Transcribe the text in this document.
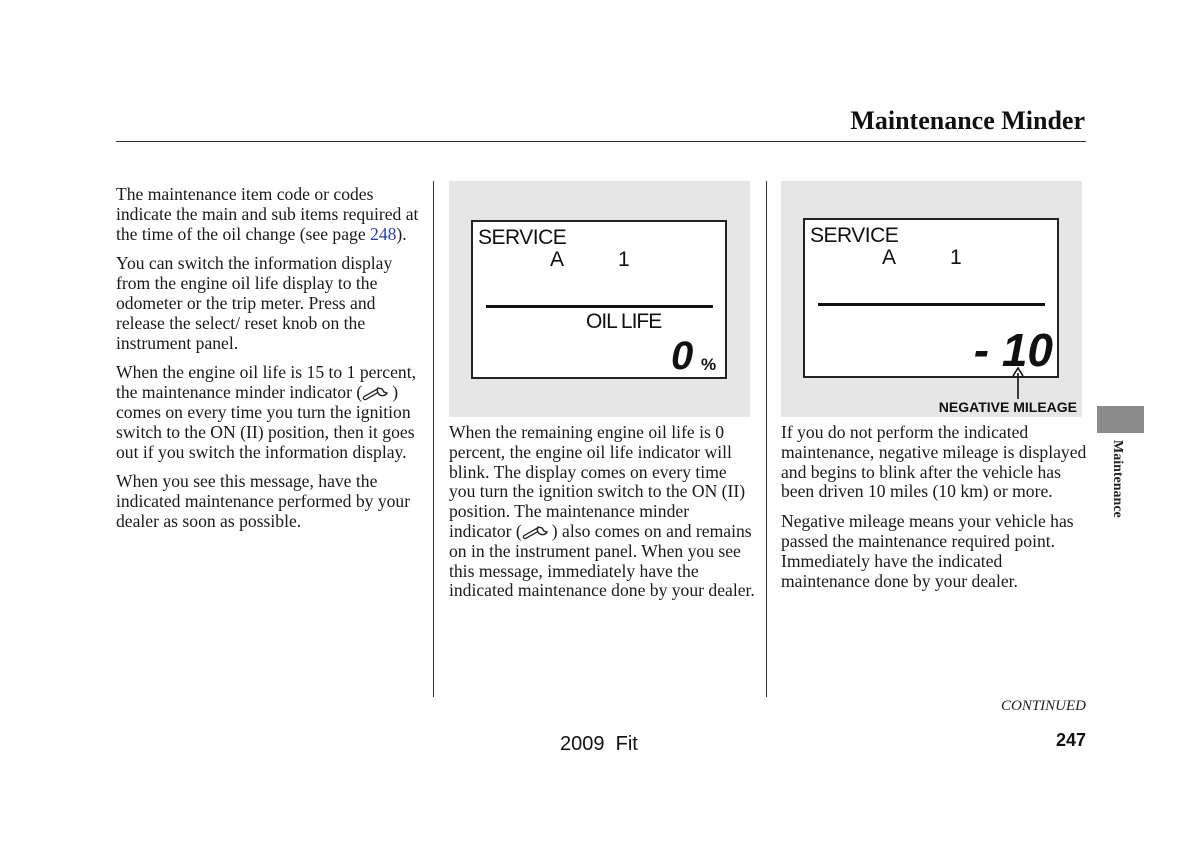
Maintenance Minder

The maintenance item code or codes indicate the main and sub items required at the time of the oil change (see page 248).

You can switch the information display from the engine oil life display to the odometer or the trip meter. Press and release the select/ reset knob on the instrument panel.

When the engine oil life is 15 to 1 percent, the maintenance minder indicator ( ) comes on every time you turn the ignition switch to the ON (II) position, then it goes out if you switch the information display.

When you see this message, have the indicated maintenance performed by your dealer as soon as possible.

SERVICE
A	1
OIL LIFE
0 %
SERVICE
A	1
- 10
NEGATIVE MILEAGE

When the remaining engine oil life is 0 percent, the engine oil life indicator will blink. The display comes on every time you turn the ignition switch to the ON (II) position. The maintenance minder indicator ( ) also comes on and remains on in the instrument panel. When you see this message, immediately have the indicated maintenance done by your dealer.

If you do not perform the indicated maintenance, negative mileage is displayed and begins to blink after the vehicle has been driven 10 miles (10 km) or more.

Negative mileage means your vehicle has passed the maintenance required point.

Immediately have the indicated maintenance done by your dealer.

Maintenance
CONTINUED
247
2009  Fit
